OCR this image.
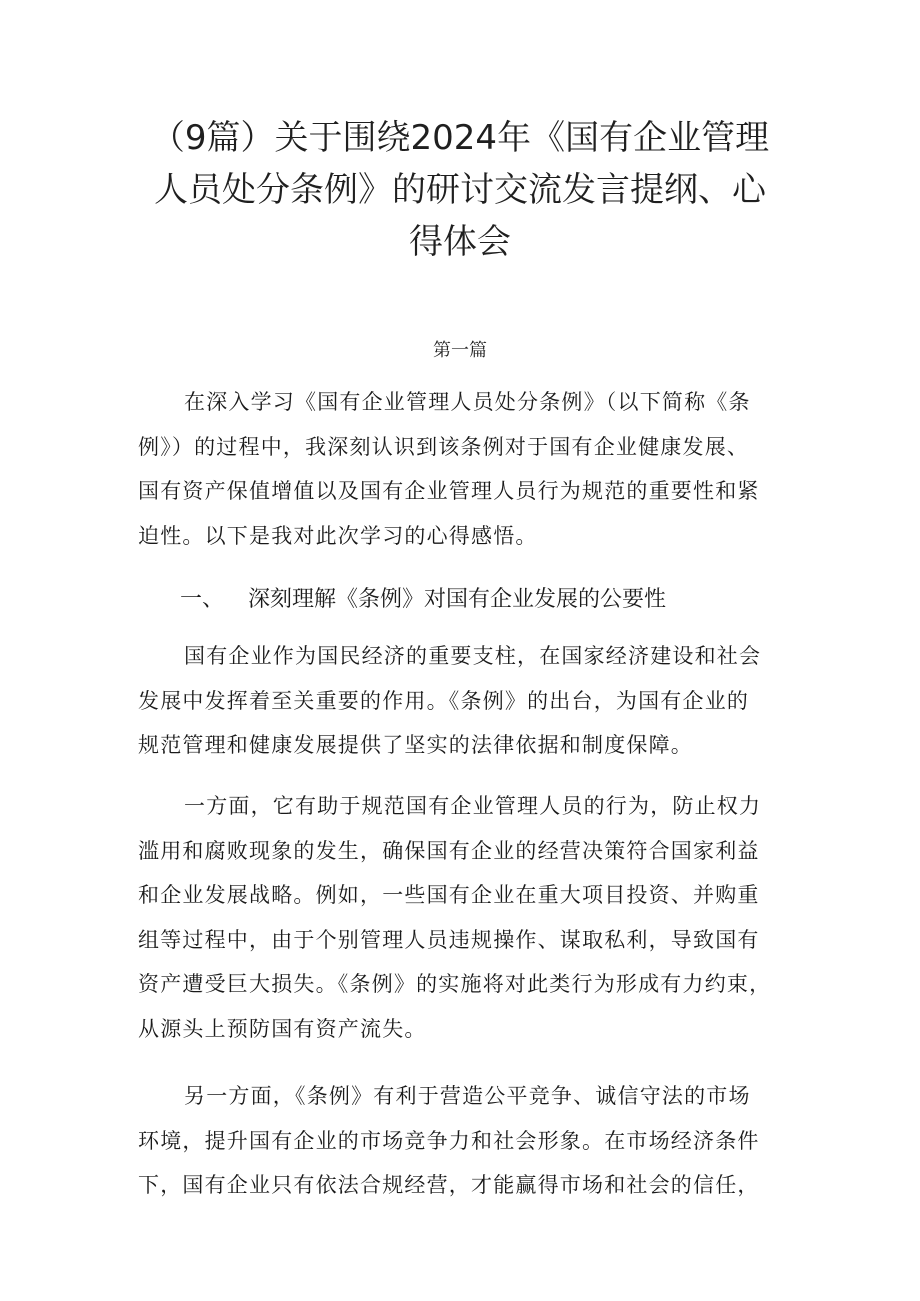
（9篇）关于围绕2024年《国有企业管理
人员处分条例》的研讨交流发言提纲、心
得体会
第一篇
在深入学习《国有企业管理人员处分条例》（以下简称《条
例》）的过程中，我深刻认识到该条例对于国有企业健康发展、
国有资产保值增值以及国有企业管理人员行为规范的重要性和紧
迫性。以下是我对此次学习的心得感悟。
一、 深刻理解《条例》对国有企业发展的公要性
国有企业作为国民经济的重要支柱，在国家经济建设和社会
发展中发挥着至关重要的作用。《条例》的出台，为国有企业的
规范管理和健康发展提供了坚实的法律依据和制度保障。
一方面，它有助于规范国有企业管理人员的行为，防止权力
滥用和腐败现象的发生，确保国有企业的经营决策符合国家利益
和企业发展战略。例如，一些国有企业在重大项目投资、并购重
组等过程中，由于个别管理人员违规操作、谋取私利，导致国有
资产遭受巨大损失。《条例》的实施将对此类行为形成有力约束，
从源头上预防国有资产流失。
另一方面，《条例》有利于营造公平竞争、诚信守法的市场
环境，提升国有企业的市场竞争力和社会形象。在市场经济条件
下，国有企业只有依法合规经营，才能赢得市场和社会的信任，
